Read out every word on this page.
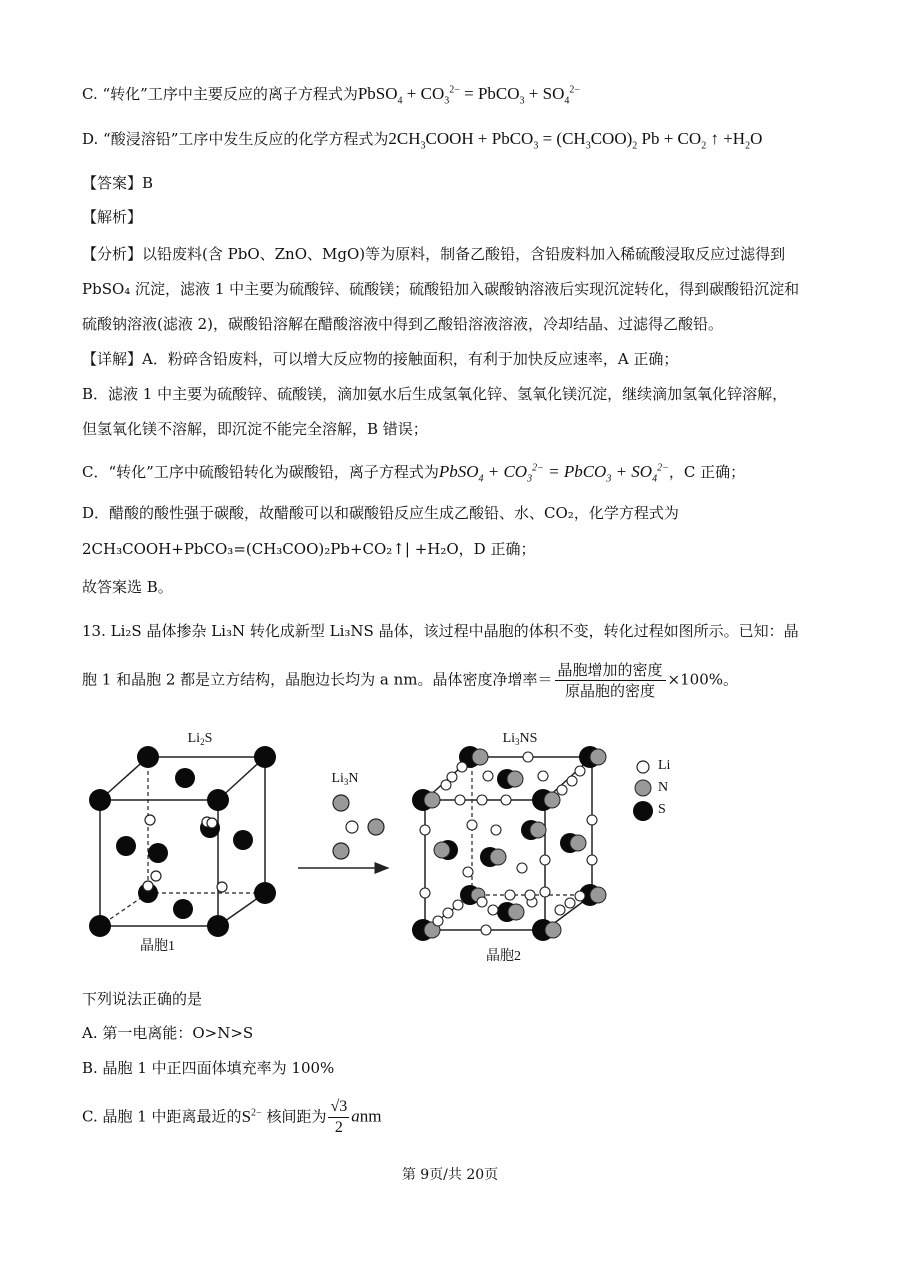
C. “转化”工序中主要反应的离子方程式为PbSO$_4$ + $CO_3^{2-}$ = PbCO$_3$ + $SO_4^{2-}$
D. “酸浸溶铅”工序中发生反应的化学方程式为$2CH_3COOH$ + PbCO$_3$ = $(CH_3COO)_2$ $Pb + CO_2$ ↑ $+H_2O$
【答案】B
【解析】
【分析】以铅废料(含 PbO、ZnO、MgO)等为原料，制备乙酸铅，含铅废料加入稀硫酸浸取反应过滤得到
PbSO₄ 沉淀，滤液 1 中主要为硫酸锌、硫酸镁；硫酸铅加入碳酸钠溶液后实现沉淀转化，得到碳酸铅沉淀和
硫酸钠溶液(滤液 2)，碳酸铅溶解在醋酸溶液中得到乙酸铅溶液溶液，冷却结晶、过滤得乙酸铅。
【详解】A．粉碎含铅废料，可以增大反应物的接触面积，有利于加快反应速率，A 正确；
B．滤液 1 中主要为硫酸锌、硫酸镁，滴加氨水后生成氢氧化锌、氢氧化镁沉淀，继续滴加氢氧化锌溶解，
但氢氧化镁不溶解，即沉淀不能完全溶解，B 错误；
C．“转化”工序中硫酸铅转化为碳酸铅，离子方程式为PbSO$_4$ + $CO_3^{2-}$ = PbCO$_3$ + $SO_4^{2-}$，C 正确；
D．醋酸的酸性强于碳酸，故醋酸可以和碳酸铅反应生成乙酸铅、水、CO₂，化学方程式为
2CH₃COOH+PbCO₃=(CH₃COO)₂Pb+CO₂↑| +H₂O，D 正确；
故答案选 B。
13. Li₂S 晶体掺杂 Li₃N 转化成新型 Li₃NS 晶体，该过程中晶胞的体积不变，转化过程如图所示。已知：晶
胞 1 和晶胞 2 都是立方结构，晶胞边长均为 a nm。晶体密度净增率＝ $\frac{\text{晶胞增加的密度}}{\text{原晶胞的密度}} \times 100\%$。
$Li_2S$
$Li_3N$
$Li_3NS$
晶胞1
晶胞2
Li
N
S
下列说法正确的是
A. 第一电离能：O>N>S
B. 晶胞 1 中正四面体填充率为 100%
C. 晶胞 1 中距离最近的$S^{2-}$ 核间距为 $\frac{√3}{2}$ anm
第 9页/共 20页
